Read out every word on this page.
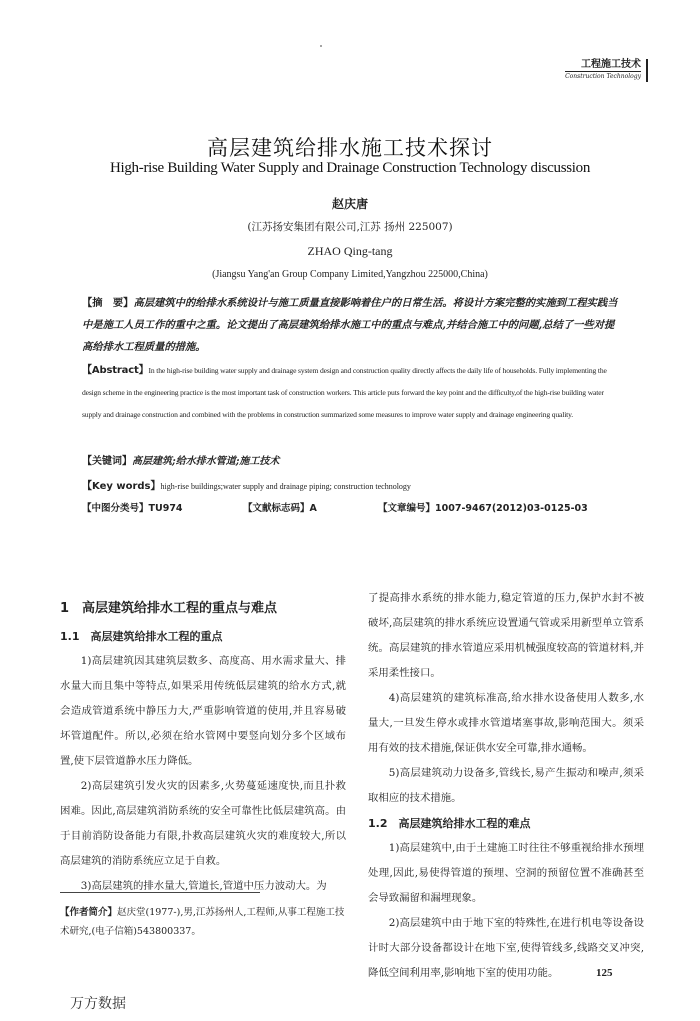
工程施工技术
Construction Technology
高层建筑给排水施工技术探讨
High-rise Building Water Supply and Drainage Construction Technology discussion
赵庆唐
(江苏扬安集团有限公司,江苏 扬州 225007)
ZHAO Qing-tang
(Jiangsu Yang'an Group Company Limited,Yangzhou 225000,China)
【摘　要】高层建筑中的给排水系统设计与施工质量直接影响着住户的日常生活。将设计方案完整的实施到工程实践当中是施工人员工作的重中之重。论文提出了高层建筑给排水施工中的重点与难点,并结合施工中的问题,总结了一些对提高给排水工程质量的措施。
【Abstract】In the high-rise building water supply and drainage system design and construction quality directly affects the daily life of households. Fully implementing the design scheme in the engineering practice is the most important task of construction workers. This article puts forward the key point and the difficulty,of the high-rise building water supply and drainage construction and combined with the problems in construction summarized some measures to improve water supply and drainage engineering quality.
【关键词】高层建筑;给水排水管道;施工技术
【Key words】high-rise buildings;water supply and drainage piping; construction technology
【中图分类号】TU974	【文献标志码】A	【文章编号】1007-9467(2012)03-0125-03
1　高层建筑给排水工程的重点与难点
1.1　高层建筑给排水工程的重点

1)高层建筑因其建筑层数多、高度高、用水需求量大、排水量大而且集中等特点,如果采用传统低层建筑的给水方式,就会造成管道系统中静压力大,严重影响管道的使用,并且容易破坏管道配件。所以,必须在给水管网中要竖向划分多个区域布置,使下层管道静水压力降低。

2)高层建筑引发火灾的因素多,火势蔓延速度快,而且扑救困难。因此,高层建筑消防系统的安全可靠性比低层建筑高。由于目前消防设备能力有限,扑救高层建筑火灾的难度较大,所以高层建筑的消防系统应立足于自救。

3)高层建筑的排水量大,管道长,管道中压力波动大。为

了提高排水系统的排水能力,稳定管道的压力,保护水封不被破坏,高层建筑的排水系统应设置通气管或采用新型单立管系统。高层建筑的排水管道应采用机械强度较高的管道材料,并采用柔性接口。

4)高层建筑的建筑标准高,给水排水设备使用人数多,水量大,一旦发生停水或排水管道堵塞事故,影响范围大。须采用有效的技术措施,保证供水安全可靠,排水通畅。

5)高层建筑动力设备多,管线长,易产生振动和噪声,须采取相应的技术措施。

1.2　高层建筑给排水工程的难点

1)高层建筑中,由于土建施工时往往不够重视给排水预埋处理,因此,易使得管道的预埋、空洞的预留位置不准确甚至会导致漏留和漏埋现象。

2)高层建筑中由于地下室的特殊性,在进行机电等设备设计时大部分设备都设计在地下室,使得管线多,线路交叉冲突,降低空间利用率,影响地下室的使用功能。

【作者简介】赵庆堂(1977-),男,江苏扬州人,工程师,从事工程施工技术研究,(电子信箱)543800337。
125
万方数据
